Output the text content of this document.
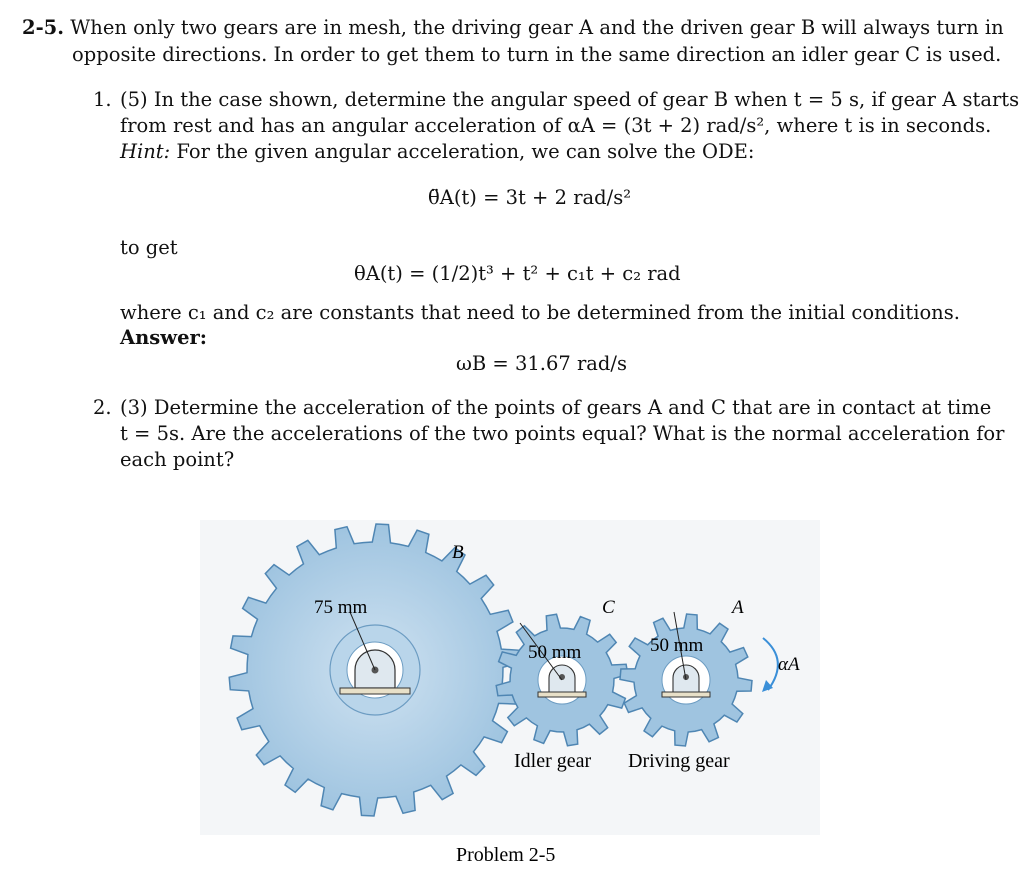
2-5. When only two gears are in mesh, the driving gear A and the driven gear B will always turn in
opposite directions. In order to get them to turn in the same direction an idler gear C is used.
1. (5) In the case shown, determine the angular speed of gear B when t = 5 s, if gear A starts
from rest and has an angular acceleration of αA = (3t + 2) rad/s², where t is in seconds.
Hint: For the given angular acceleration, we can solve the ODE:
θ̈A(t) = 3t + 2 rad/s²
to get
θA(t) = (1/2)t³ + t² + c₁t + c₂ rad
where c₁ and c₂ are constants that need to be determined from the initial conditions.
Answer:
ωB = 31.67 rad/s
2. (3) Determine the acceleration of the points of gears A and C that are in contact at time
t = 5s. Are the accelerations of the two points equal? What is the normal acceleration for
each point?
B
C	A
75 mm
50 mm	50 mm
αA
Idler gear Driving gear
Problem 2-5
